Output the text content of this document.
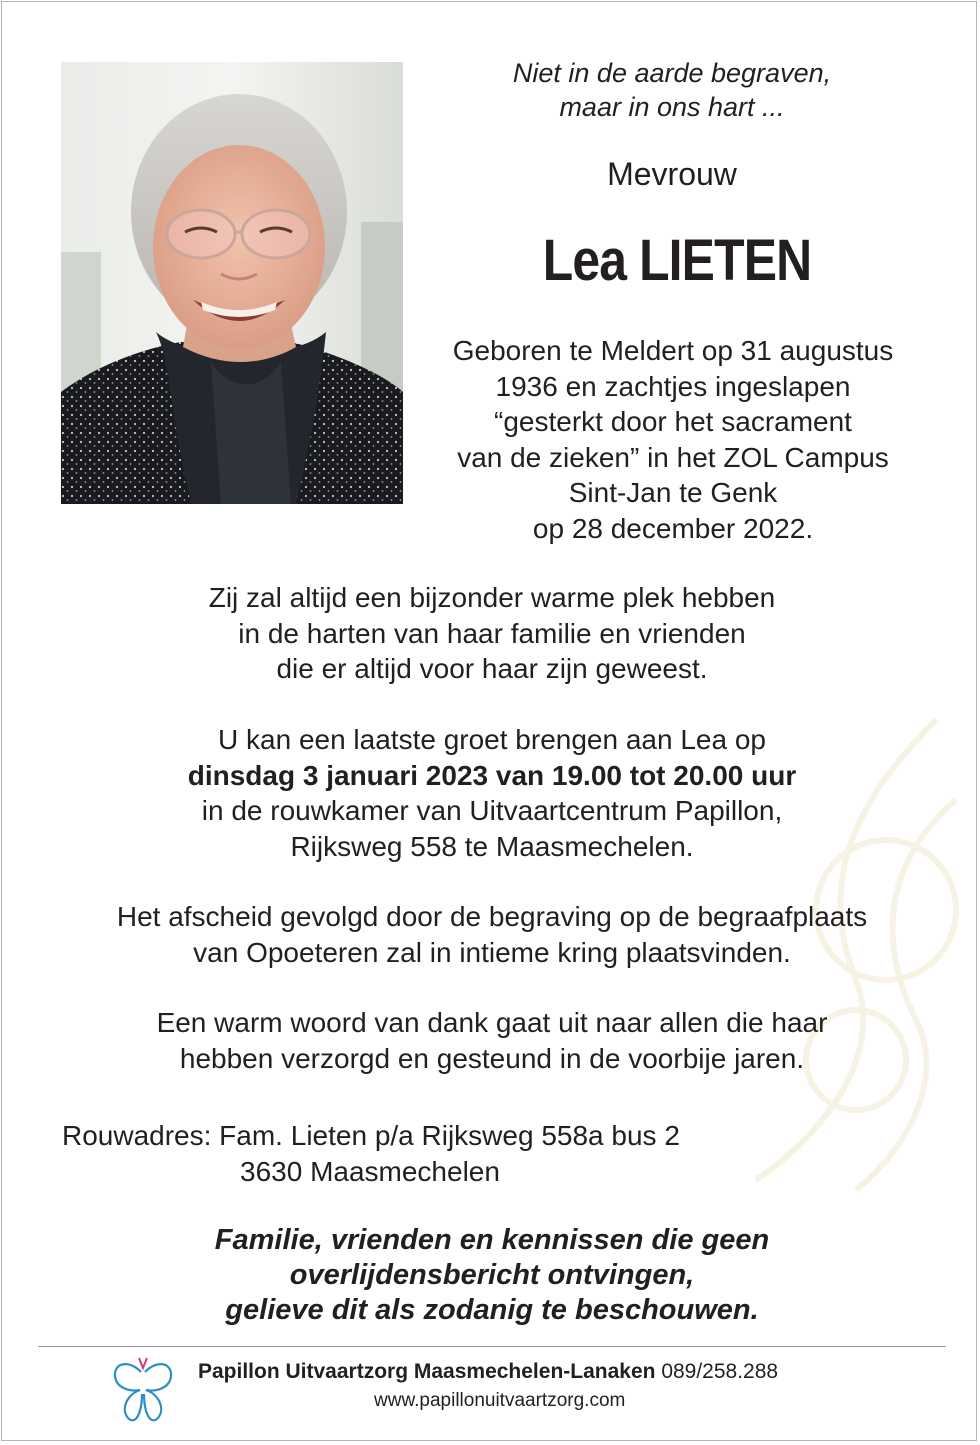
Niet in de aarde begraven,
maar in ons hart ...
Mevrouw
Lea LIETEN
Geboren te Meldert op 31 augustus
1936 en zachtjes ingeslapen
“gesterkt door het sacrament
van de zieken” in het ZOL Campus
Sint-Jan te Genk
op 28 december 2022.
Zij zal altijd een bijzonder warme plek hebben
in de harten van haar familie en vrienden
die er altijd voor haar zijn geweest.
U kan een laatste groet brengen aan Lea op
dinsdag 3 januari 2023 van 19.00 tot 20.00 uur
in de rouwkamer van Uitvaartcentrum Papillon,
Rijksweg 558 te Maasmechelen.
Het afscheid gevolgd door de begraving op de begraafplaats
van Opoeteren zal in intieme kring plaatsvinden.
Een warm woord van dank gaat uit naar allen die haar
hebben verzorgd en gesteund in de voorbije jaren.
Rouwadres: Fam. Lieten p/a Rijksweg 558a bus 2
3630 Maasmechelen
Familie, vrienden en kennissen die geen
overlijdensbericht ontvingen,
gelieve dit als zodanig te beschouwen.
Papillon Uitvaartzorg Maasmechelen-Lanaken 089/258.288
www.papillonuitvaartzorg.com
